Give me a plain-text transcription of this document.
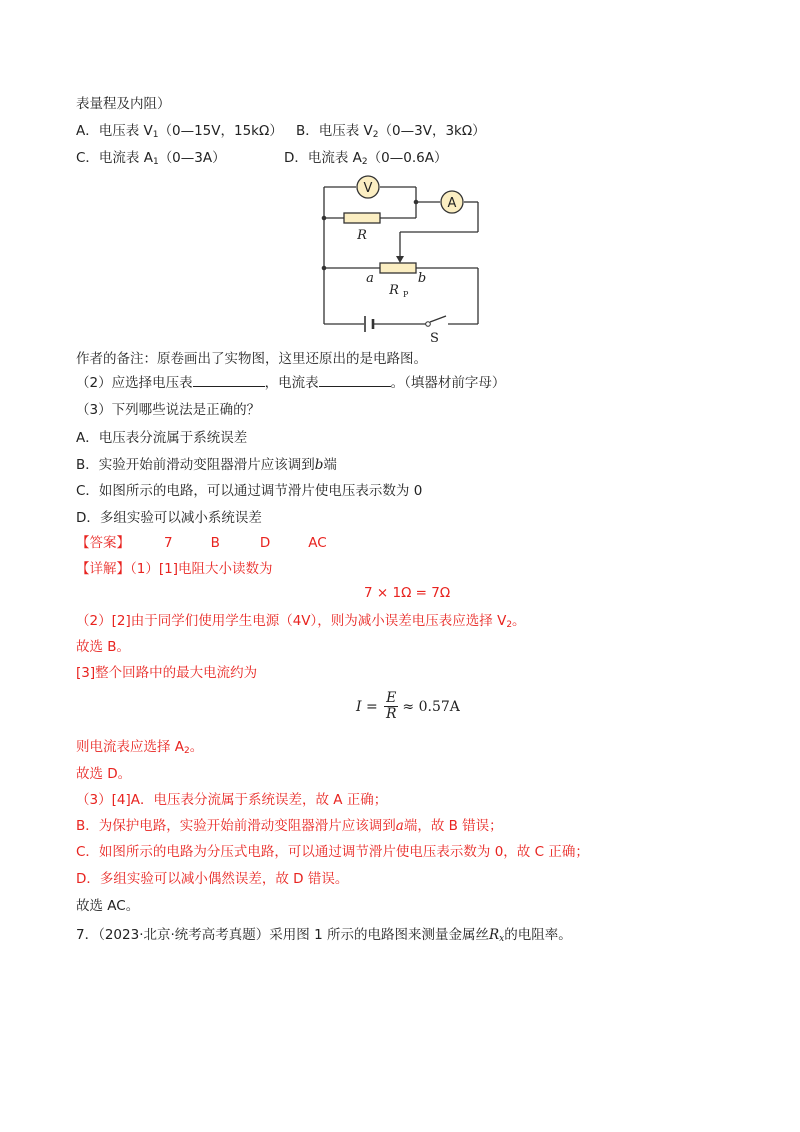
表量程及内阻）
A．电压表 $V_1(0—15V$，15kΩ） B．电压表 $V_2(0—3V$，3kΩ）
C．电流表 $A_1(0—3A)$	D．电流表 $A_2(0—0.6A)$
V
A
R
a	b
R P
S
作者的备注：原卷画出了实物图，这里还原出的是电路图。
（2）应选择电压表	，电流表	。（填器材前字母）
（3）下列哪些说法是正确的？
A．电压表分流属于系统误差
B．实验开始前滑动变阻器滑片应该调到b端
C．如图所示的电路，可以通过调节滑片使电压表示数为 0
D．多组实验可以减小系统误差
【答案】	7	B	D	AC
【详解】（1）[1]电阻大小读数为
7 × 1Ω = 7Ω
（2）[2]由于同学们使用学生电源（4V），则为减小误差电压表应选择 $V_2$。
故选 B。
[3]整个回路中的最大电流约为
$I = \frac{E}{R} \approx 0.57A$
则电流表应选择 $A_2$。
故选 D。
（3）[4]A．电压表分流属于系统误差，故 A 正确；
B．为保护电路，实验开始前滑动变阻器滑片应该调到a端，故 B 错误；
C．如图所示的电路为分压式电路，可以通过调节滑片使电压表示数为 0，故 C 正确；
D．多组实验可以减小偶然误差，故 D 错误。
故选 AC。
7．（2023·北京·统考高考真题）采用图 1 所示的电路图来测量金属丝$R_x$的电阻率。
